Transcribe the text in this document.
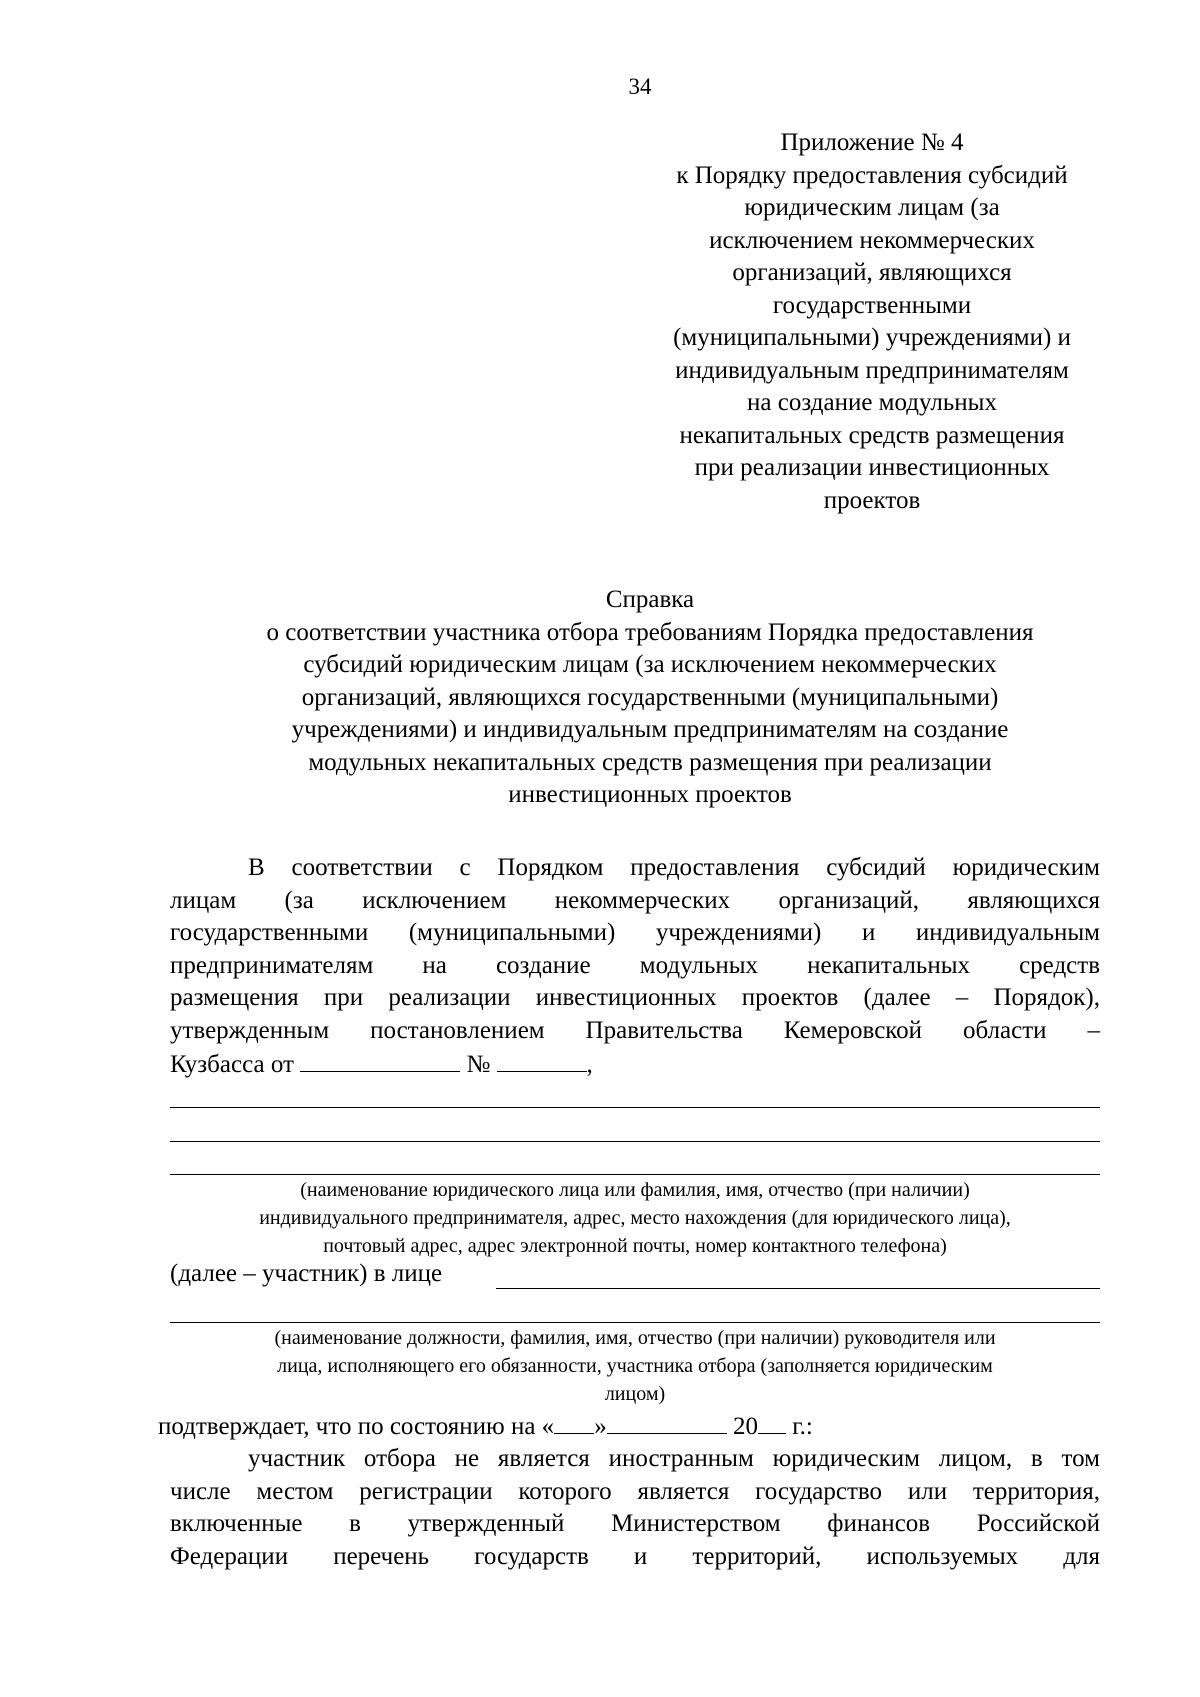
34
Приложение № 4
к Порядку предоставления субсидий
юридическим лицам (за
исключением некоммерческих
организаций, являющихся
государственными
(муниципальными) учреждениями) и
индивидуальным предпринимателям
на создание модульных
некапитальных средств размещения
при реализации инвестиционных
проектов
Справка
о соответствии участника отбора требованиям Порядка предоставления
субсидий юридическим лицам (за исключением некоммерческих
организаций, являющихся государственными (муниципальными)
учреждениями) и индивидуальным предпринимателям на создание
модульных некапитальных средств размещения при реализации
инвестиционных проектов
В соответствии с Порядком предоставления субсидий юридическим
лицам (за исключением некоммерческих организаций, являющихся
государственными (муниципальными) учреждениями) и индивидуальным
предпринимателям на создание модульных некапитальных средств
размещения при реализации инвестиционных проектов (далее – Порядок),
утвержденным постановлением Правительства Кемеровской области –
Кузбасса от	№	,
(наименование юридического лица или фамилия, имя, отчество (при наличии)
индивидуального предпринимателя, адрес, место нахождения (для юридического лица),
почтовый адрес, адрес электронной почты, номер контактного телефона)
(далее – участник) в лице
(наименование должности, фамилия, имя, отчество (при наличии) руководителя или
лица, исполняющего его обязанности, участника отбора (заполняется юридическим
лицом)
подтверждает, что по состоянию на « »	20 г.:
участник отбора не является иностранным юридическим лицом, в том
числе местом регистрации которого является государство или территория,
включенные в утвержденный Министерством финансов Российской
Федерации перечень государств и территорий, используемых для
